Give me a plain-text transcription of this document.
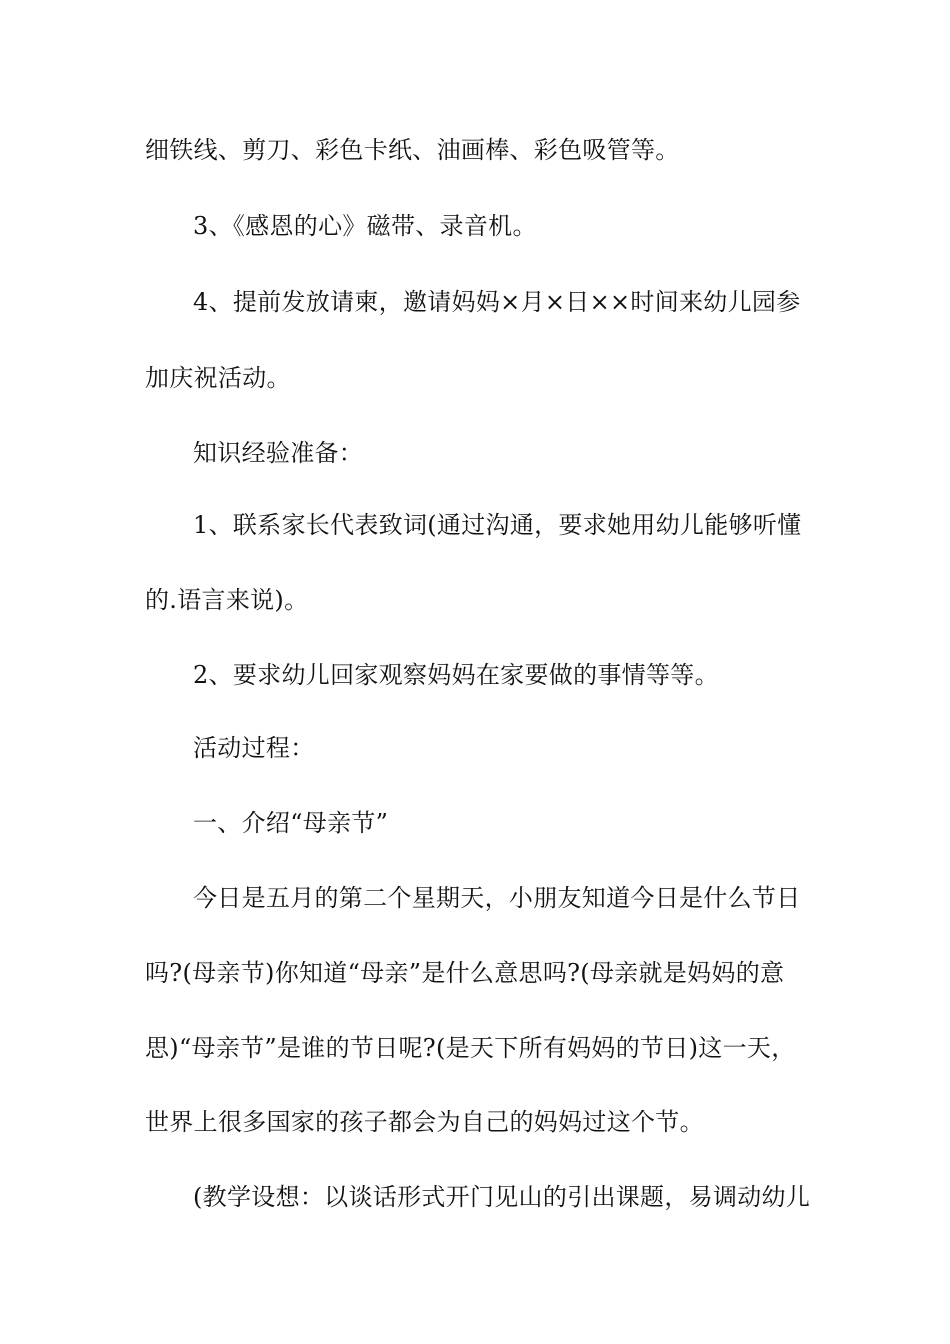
细铁线、剪刀、彩色卡纸、油画棒、彩色吸管等。
3、《感恩的心》磁带、录音机。
4、提前发放请柬，邀请妈妈×月×日××时间来幼儿园参
加庆祝活动。
知识经验准备：
1、联系家长代表致词(通过沟通，要求她用幼儿能够听懂
的.语言来说)。
2、要求幼儿回家观察妈妈在家要做的事情等等。
活动过程：
一、介绍“母亲节”
今日是五月的第二个星期天，小朋友知道今日是什么节日
吗?(母亲节)你知道“母亲”是什么意思吗?(母亲就是妈妈的意
思)“母亲节”是谁的节日呢?(是天下所有妈妈的节日)这一天，
世界上很多国家的孩子都会为自己的妈妈过这个节。
(教学设想：以谈话形式开门见山的引出课题，易调动幼儿
